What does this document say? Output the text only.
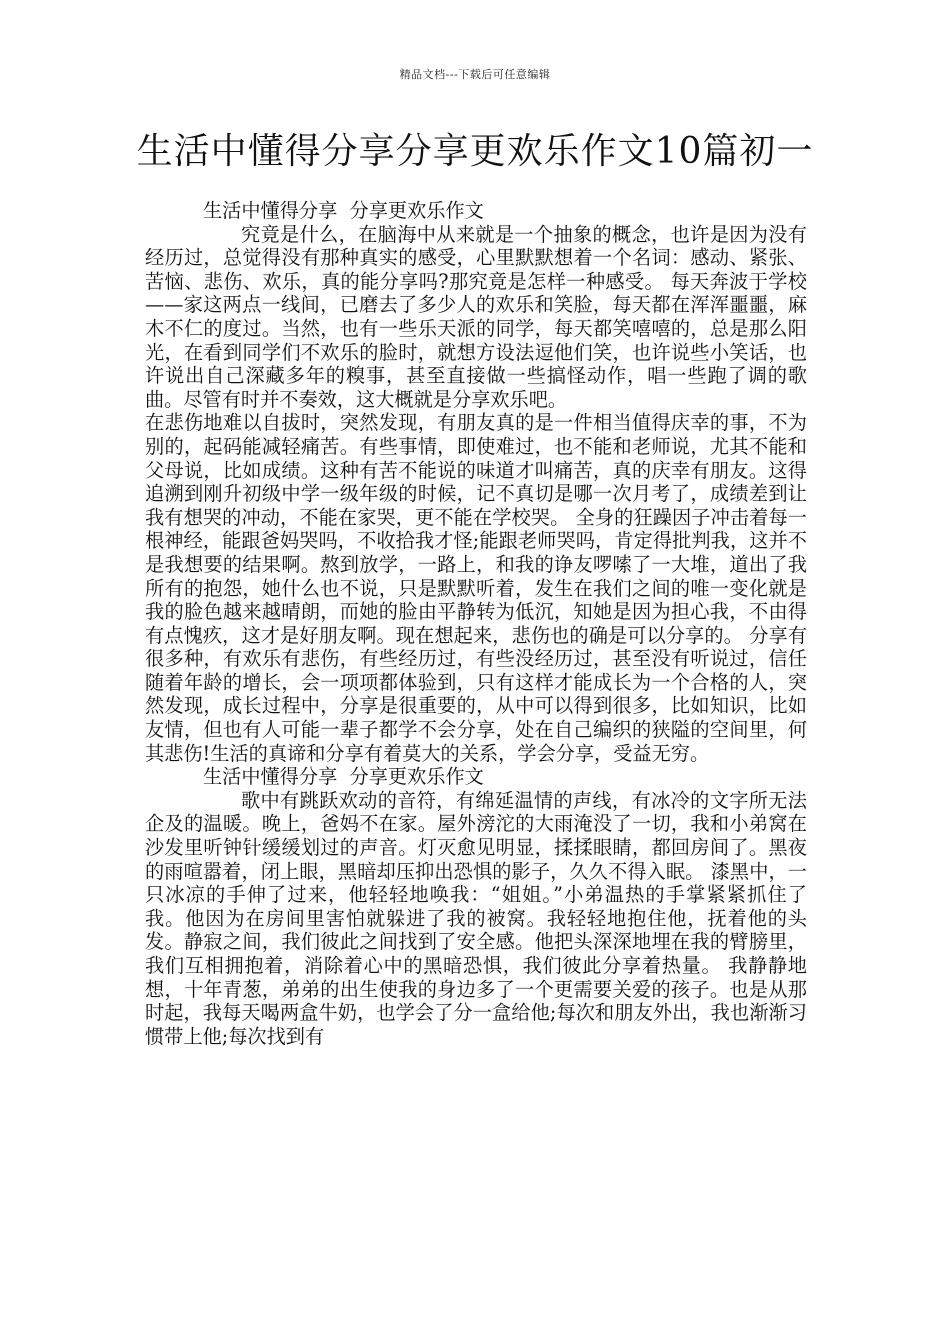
精品文档---下载后可任意编辑
生活中懂得分享分享更欢乐作文10篇初一
生活中懂得分享  分享更欢乐作文

究竟是什么，在脑海中从来就是一个抽象的概念，也许是因为没有经历过，总觉得没有那种真实的感受，心里默默想着一个名词：感动、紧张、苦恼、悲伤、欢乐，真的能分享吗?那究竟是怎样一种感受。 每天奔波于学校——家这两点一线间，已磨去了多少人的欢乐和笑脸，每天都在浑浑噩噩，麻木不仁的度过。当然，也有一些乐天派的同学，每天都笑嘻嘻的，总是那么阳光，在看到同学们不欢乐的脸时，就想方设法逗他们笑，也许说些小笑话，也许说出自己深藏多年的糗事，甚至直接做一些搞怪动作，唱一些跑了调的歌曲。尽管有时并不奏效，这大概就是分享欢乐吧。

在悲伤地难以自拔时，突然发现，有朋友真的是一件相当值得庆幸的事，不为别的，起码能减轻痛苦。有些事情，即使难过，也不能和老师说，尤其不能和父母说，比如成绩。这种有苦不能说的味道才叫痛苦，真的庆幸有朋友。这得追溯到刚升初级中学一级年级的时候，记不真切是哪一次月考了，成绩差到让我有想哭的冲动，不能在家哭，更不能在学校哭。 全身的狂躁因子冲击着每一根神经，能跟爸妈哭吗，不收拾我才怪;能跟老师哭吗，肯定得批判我，这并不是我想要的结果啊。熬到放学，一路上，和我的诤友啰嗦了一大堆，道出了我所有的抱怨，她什么也不说，只是默默听着，发生在我们之间的唯一变化就是我的脸色越来越晴朗，而她的脸由平静转为低沉，知她是因为担心我，不由得有点愧疚，这才是好朋友啊。现在想起来，悲伤也的确是可以分享的。 分享有很多种，有欢乐有悲伤，有些经历过，有些没经历过，甚至没有听说过，信任随着年龄的增长，会一项项都体验到，只有这样才能成长为一个合格的人，突然发现，成长过程中，分享是很重要的，从中可以得到很多，比如知识，比如友情，但也有人可能一辈子都学不会分享，处在自己编织的狭隘的空间里，何其悲伤!生活的真谛和分享有着莫大的关系，学会分享，受益无穷。

生活中懂得分享  分享更欢乐作文

歌中有跳跃欢动的音符，有绵延温情的声线，有冰冷的文字所无法企及的温暖。晚上，爸妈不在家。屋外滂沱的大雨淹没了一切，我和小弟窝在沙发里听钟针缓缓划过的声音。灯灭愈见明显，揉揉眼睛，都回房间了。黑夜的雨喧嚣着，闭上眼，黑暗却压抑出恐惧的影子，久久不得入眠。 漆黑中，一只冰凉的手伸了过来，他轻轻地唤我：“姐姐。”小弟温热的手掌紧紧抓住了我。他因为在房间里害怕就躲进了我的被窝。我轻轻地抱住他，抚着他的头发。静寂之间，我们彼此之间找到了安全感。他把头深深地埋在我的臂膀里，我们互相拥抱着，消除着心中的黑暗恐惧，我们彼此分享着热量。 我静静地想，十年青葱，弟弟的出生使我的身边多了一个更需要关爱的孩子。也是从那时起，我每天喝两盒牛奶，也学会了分一盒给他;每次和朋友外出，我也渐渐习惯带上他;每次找到有
